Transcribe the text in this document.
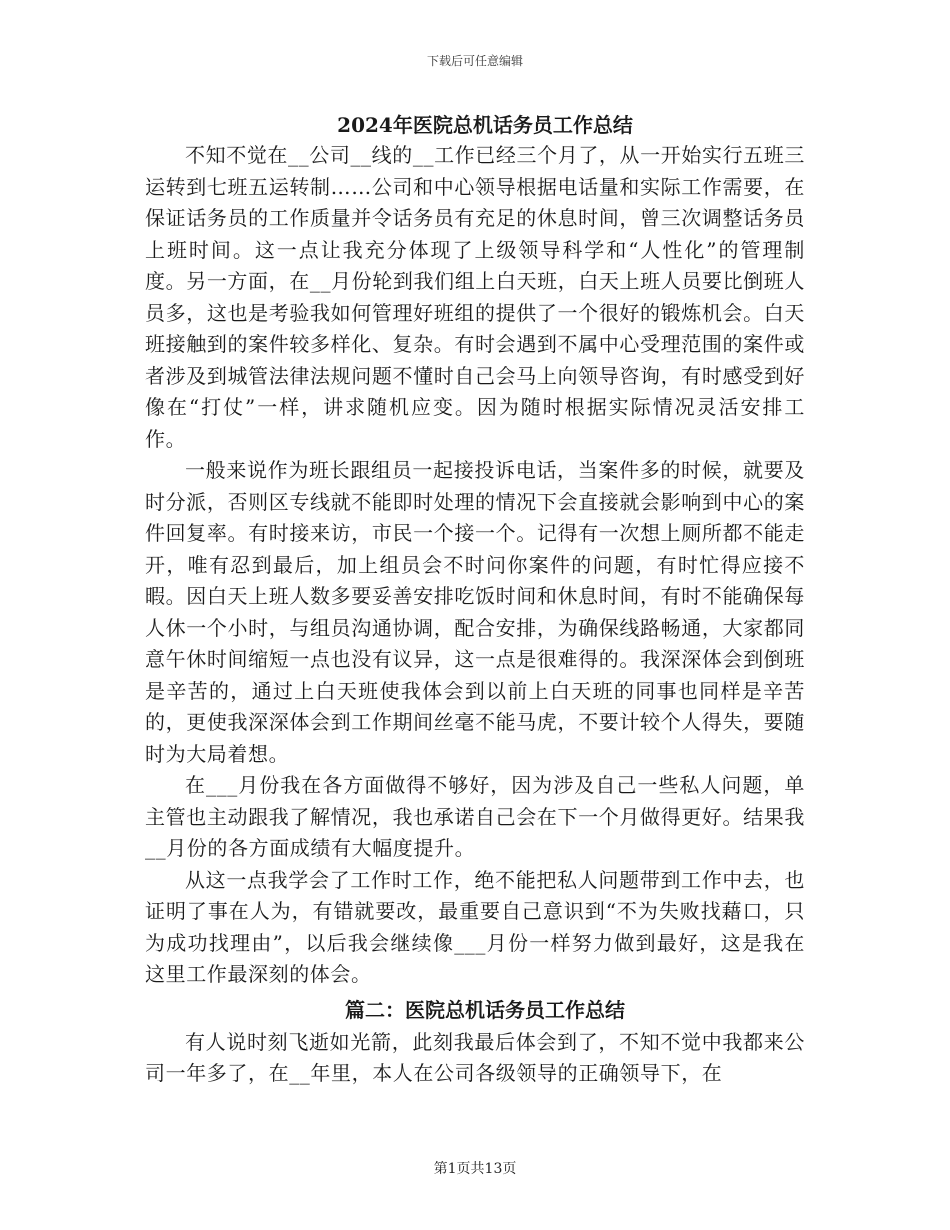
下载后可任意编辑
2024年医院总机话务员工作总结

不知不觉在__公司__线的__工作已经三个月了，从一开始实行五班三运转到七班五运转制……公司和中心领导根据电话量和实际工作需要，在保证话务员的工作质量并令话务员有充足的休息时间，曾三次调整话务员上班时间。这一点让我充分体现了上级领导科学和“人性化”的管理制度。另一方面，在__月份轮到我们组上白天班，白天上班人员要比倒班人员多，这也是考验我如何管理好班组的提供了一个很好的锻炼机会。白天班接触到的案件较多样化、复杂。有时会遇到不属中心受理范围的案件或者涉及到城管法律法规问题不懂时自己会马上向领导咨询，有时感受到好像在“打仗”一样，讲求随机应变。因为随时根据实际情况灵活安排工作。

一般来说作为班长跟组员一起接投诉电话，当案件多的时候，就要及时分派，否则区专线就不能即时处理的情况下会直接就会影响到中心的案件回复率。有时接来访，市民一个接一个。记得有一次想上厕所都不能走开，唯有忍到最后，加上组员会不时问你案件的问题，有时忙得应接不暇。因白天上班人数多要妥善安排吃饭时间和休息时间，有时不能确保每人休一个小时，与组员沟通协调，配合安排，为确保线路畅通，大家都同意午休时间缩短一点也没有议异，这一点是很难得的。我深深体会到倒班是辛苦的，通过上白天班使我体会到以前上白天班的同事也同样是辛苦的，更使我深深体会到工作期间丝毫不能马虎，不要计较个人得失，要随时为大局着想。

在___月份我在各方面做得不够好，因为涉及自己一些私人问题，单主管也主动跟我了解情况，我也承诺自己会在下一个月做得更好。结果我__月份的各方面成绩有大幅度提升。

从这一点我学会了工作时工作，绝不能把私人问题带到工作中去，也证明了事在人为，有错就要改，最重要自己意识到“不为失败找藉口，只为成功找理由”，以后我会继续像___月份一样努力做到最好，这是我在这里工作最深刻的体会。

篇二：医院总机话务员工作总结

有人说时刻飞逝如光箭，此刻我最后体会到了，不知不觉中我都来公司一年多了，在__年里，本人在公司各级领导的正确领导下，在

第1页共13页
